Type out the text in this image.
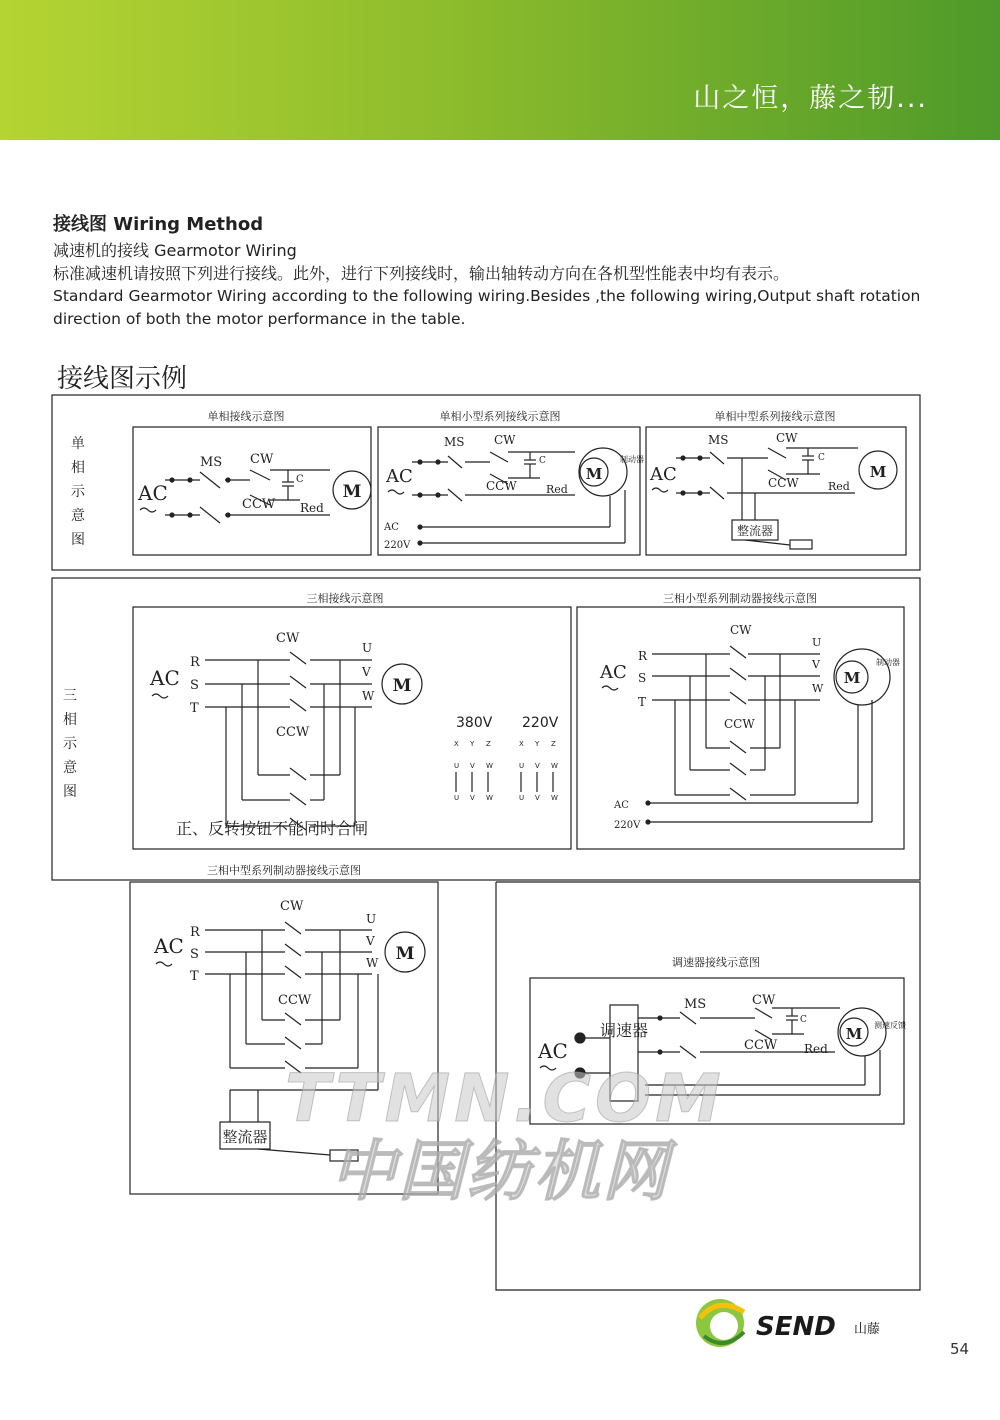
山之恒，藤之韧...
接线图 Wiring Method
减速机的接线 Gearmotor Wiring
标准减速机请按照下列进行接线。此外，进行下列接线时，输出轴转动方向在各机型性能表中均有表示。
Standard Gearmotor Wiring according to the following wiring.Besides ,the following wiring,Output shaft rotation direction of both the motor performance in the table.
接线图示例
单
相
示
意
图
单相接线示意图
AC
MS CW
CCW
C
Red
M
单相小型系列接线示意图
AC
MS CW
CCW
C
Red
M
制动器
AC
220V
单相中型系列接线示意图
AC
MS	CW
CCW
C
Red
M
整流器
三
相
示
意
图
三相接线示意图
AC
R
S
T
CW
U
V
W M
CCW
380V 220V
X Y Z	X Y Z
U V W	U V W
U V W	U V W
正、反转按钮不能同时合闸
三相小型系列制动器接线示意图
AC
R
S
T
CW
U
V
W
M
制动器
CCW
AC
220V
三相中型系列制动器接线示意图
AC
R
S
T
CW
U
V
W M
CCW
整流器
调速器接线示意图
AC
调速器
MS	CW
CCW
C
Red
M 测速反馈
TTMN.COM
中国纺机网
SEND 山藤
54
